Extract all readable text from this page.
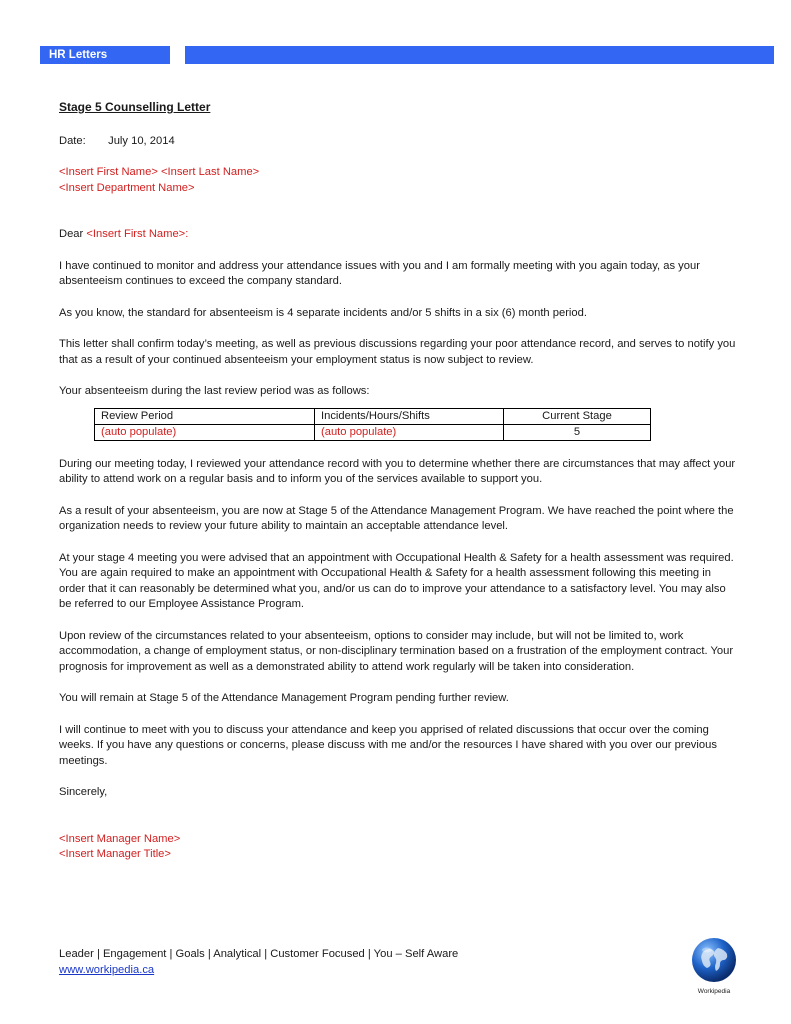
HR Letters

Stage 5 Counselling Letter

Date: July 10, 2014

<Insert First Name> <Insert Last Name>

<Insert Department Name>

Dear <Insert First Name>:

I have continued to monitor and address your attendance issues with you and I am formally meeting with you again today, as your absenteeism continues to exceed the company standard.

As you know, the standard for absenteeism is 4 separate incidents and/or 5 shifts in a six (6) month period.

This letter shall confirm today’s meeting, as well as previous discussions regarding your poor attendance record, and serves to notify you that as a result of your continued absenteeism your employment status is now subject to review.

Your absenteeism during the last review period was as follows:

Review Period	Incidents/Hours/Shifts	Current Stage
(auto populate)	(auto populate)	5

During our meeting today, I reviewed your attendance record with you to determine whether there are circumstances that may affect your ability to attend work on a regular basis and to inform you of the services available to support you.

As a result of your absenteeism, you are now at Stage 5 of the Attendance Management Program. We have reached the point where the organization needs to review your future ability to maintain an acceptable attendance level.

At your stage 4 meeting you were advised that an appointment with Occupational Health & Safety for a health assessment was required. You are again required to make an appointment with Occupational Health & Safety for a health assessment following this meeting in order that it can reasonably be determined what you, and/or us can do to improve your attendance to a satisfactory level. You may also be referred to our Employee Assistance Program.

Upon review of the circumstances related to your absenteeism, options to consider may include, but will not be limited to, work accommodation, a change of employment status, or non-disciplinary termination based on a frustration of the employment contract. Your prognosis for improvement as well as a demonstrated ability to attend work regularly will be taken into consideration.

You will remain at Stage 5 of the Attendance Management Program pending further review.

I will continue to meet with you to discuss your attendance and keep you apprised of related discussions that occur over the coming weeks. If you have any questions or concerns, please discuss with me and/or the resources I have shared with you over our previous meetings.

Sincerely,

<Insert Manager Name>

<Insert Manager Title>

Leader | Engagement | Goals | Analytical | Customer Focused | You – Self Aware
www.workipedia.ca
Workipedia
